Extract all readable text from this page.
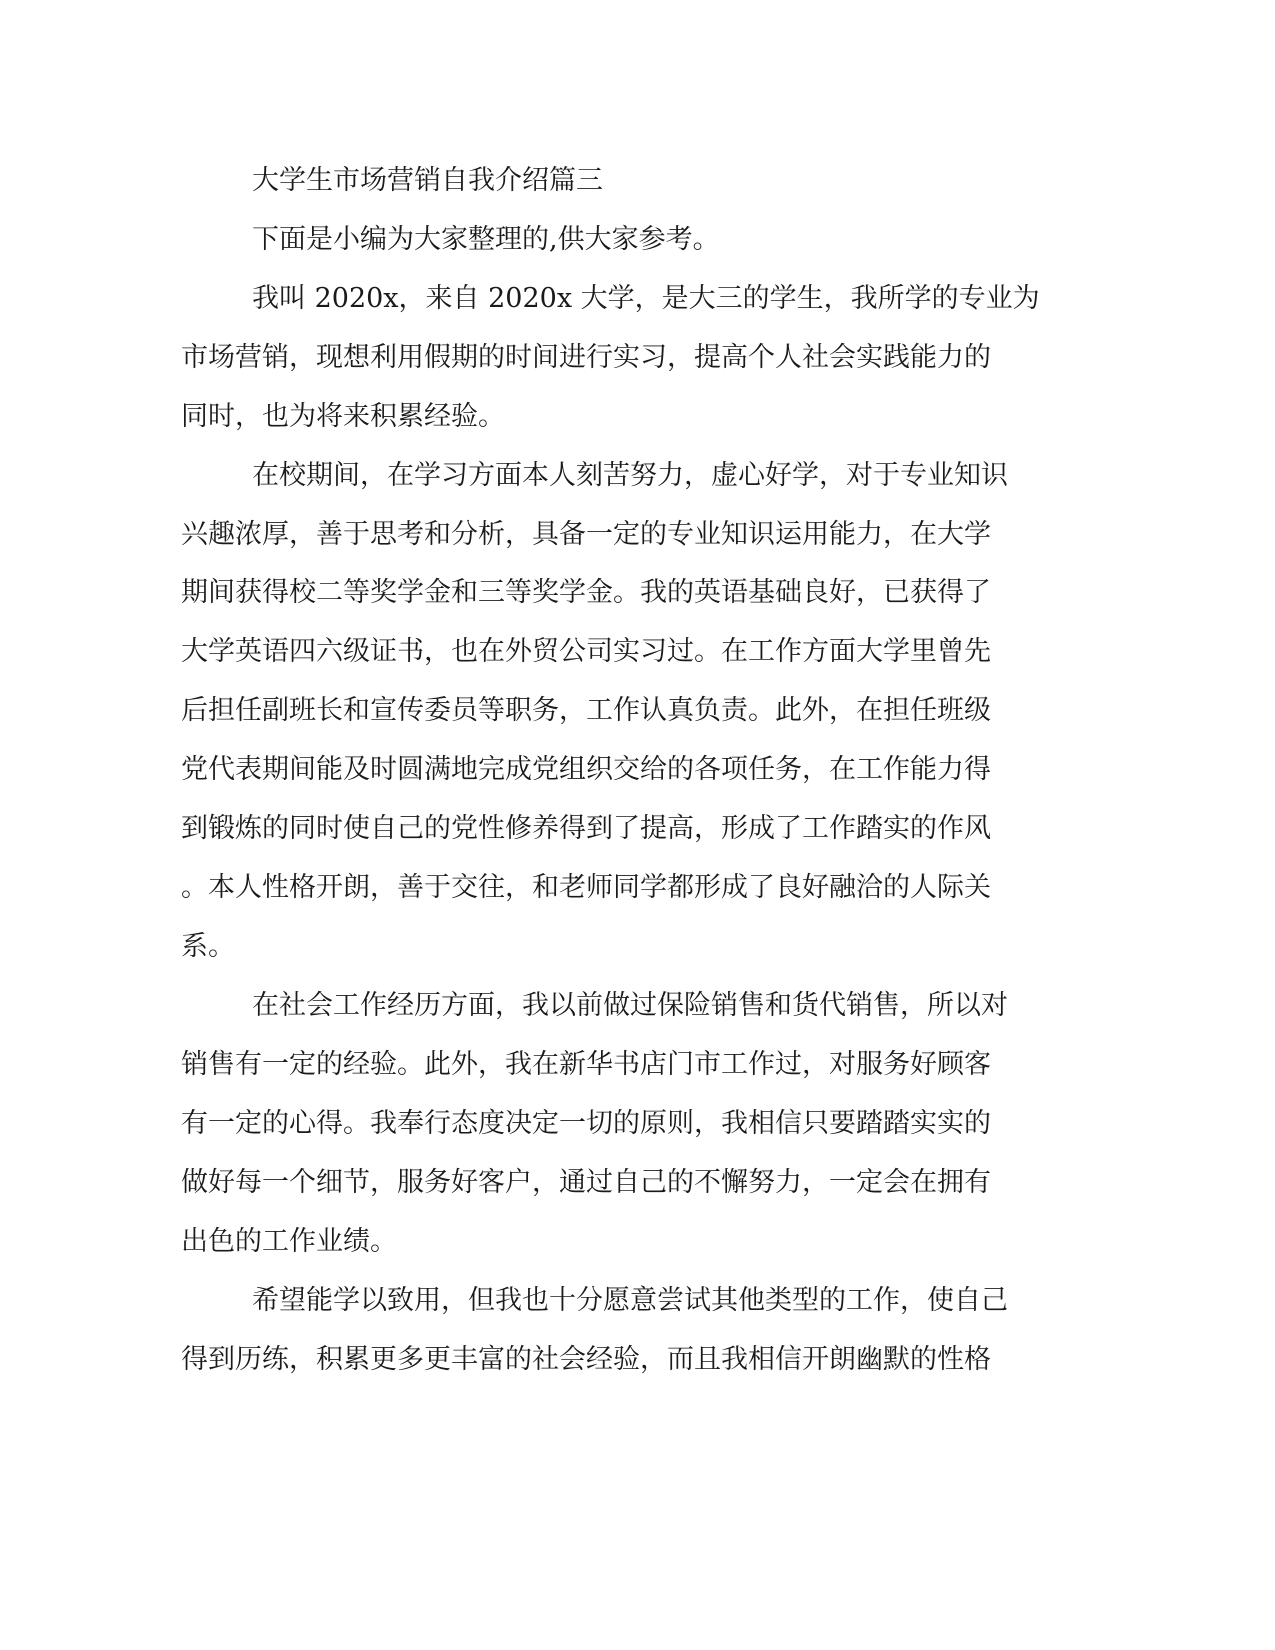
大学生市场营销自我介绍篇三
下面是小编为大家整理的,供大家参考。
我叫 2020x，来自 2020x 大学，是大三的学生，我所学的专业为
市场营销，现想利用假期的时间进行实习，提高个人社会实践能力的
同时，也为将来积累经验。
在校期间，在学习方面本人刻苦努力，虚心好学，对于专业知识
兴趣浓厚，善于思考和分析，具备一定的专业知识运用能力，在大学
期间获得校二等奖学金和三等奖学金。我的英语基础良好，已获得了
大学英语四六级证书，也在外贸公司实习过。在工作方面大学里曾先
后担任副班长和宣传委员等职务，工作认真负责。此外，在担任班级
党代表期间能及时圆满地完成党组织交给的各项任务，在工作能力得
到锻炼的同时使自己的党性修养得到了提高，形成了工作踏实的作风
。本人性格开朗，善于交往，和老师同学都形成了良好融洽的人际关
系。
在社会工作经历方面，我以前做过保险销售和货代销售，所以对
销售有一定的经验。此外，我在新华书店门市工作过，对服务好顾客
有一定的心得。我奉行态度决定一切的原则，我相信只要踏踏实实的
做好每一个细节，服务好客户，通过自己的不懈努力，一定会在拥有
出色的工作业绩。
希望能学以致用，但我也十分愿意尝试其他类型的工作，使自己
得到历练，积累更多更丰富的社会经验，而且我相信开朗幽默的性格
